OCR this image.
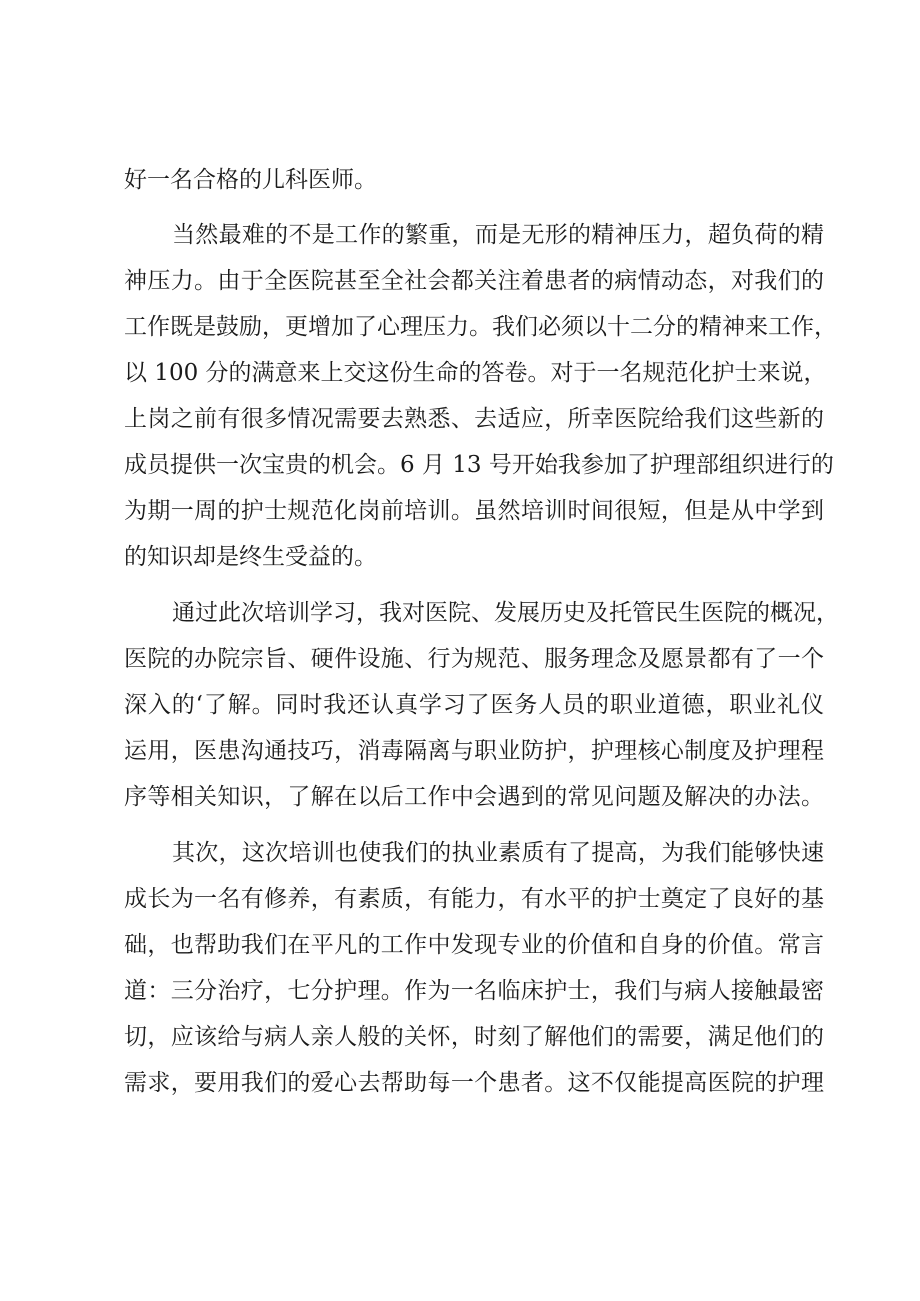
好一名合格的儿科医师。
当然最难的不是工作的繁重，而是无形的精神压力，超负荷的精
神压力。由于全医院甚至全社会都关注着患者的病情动态，对我们的
工作既是鼓励，更增加了心理压力。我们必须以十二分的精神来工作，
以 100 分的满意来上交这份生命的答卷。对于一名规范化护士来说，
上岗之前有很多情况需要去熟悉、去适应，所幸医院给我们这些新的
成员提供一次宝贵的机会。6 月 13 号开始我参加了护理部组织进行的
为期一周的护士规范化岗前培训。虽然培训时间很短，但是从中学到
的知识却是终生受益的。
通过此次培训学习，我对医院、发展历史及托管民生医院的概况，
医院的办院宗旨、硬件设施、行为规范、服务理念及愿景都有了一个
深入的‘了解。同时我还认真学习了医务人员的职业道德，职业礼仪
运用，医患沟通技巧，消毒隔离与职业防护，护理核心制度及护理程
序等相关知识，了解在以后工作中会遇到的常见问题及解决的办法。
其次，这次培训也使我们的执业素质有了提高，为我们能够快速
成长为一名有修养，有素质，有能力，有水平的护士奠定了良好的基
础，也帮助我们在平凡的工作中发现专业的价值和自身的价值。常言
道：三分治疗，七分护理。作为一名临床护士，我们与病人接触最密
切，应该给与病人亲人般的关怀，时刻了解他们的需要，满足他们的
需求，要用我们的爱心去帮助每一个患者。这不仅能提高医院的护理
